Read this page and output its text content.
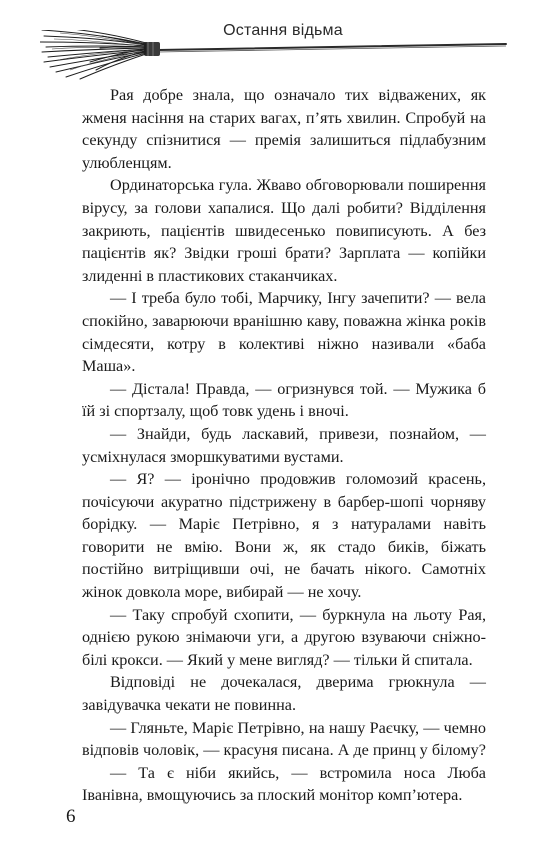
Остання відьма

Рая добре знала, що означало тих відважених, як жменя насіння на старих вагах, п’ять хвилин. Спробуй на секунду спізнитися — премія залишиться підлабузним улюбленцям.

Ординаторська гула. Жваво обговорювали поширення вірусу, за голови хапалися. Що далі робити? Відділення закриють, пацієнтів швидесенько повиписують. А без пацієнтів як? Звідки гроші брати? Зарплата — копійки злиденні в пластикових стаканчиках.

— І треба було тобі, Марчику, Інгу зачепити? — вела спокійно, заварюючи вранішню каву, поважна жінка років сімдесяти, котру в колективі ніжно називали «баба Маша».

— Дістала! Правда, — огризнувся той. — Мужика б їй зі спортзалу, щоб товк удень і вночі.

— Знайди, будь ласкавий, привези, познайом, — усміхнулася зморшкуватими вустами.

— Я? — іронічно продовжив голомозий красень, почісуючи акуратно підстрижену в барбер-шопі чорняву борідку. — Маріє Петрівно, я з натуралами навіть говорити не вмію. Вони ж, як стадо биків, біжать постійно витріщивши очі, не бачать нікого. Самотніх жінок довкола море, вибирай — не хочу.

— Таку спробуй схопити, — буркнула на льоту Рая, однією рукою знімаючи уги, а другою взуваючи сніжно-білі крокси. — Який у мене вигляд? — тільки й спитала.

Відповіді не дочекалася, дверима грюкнула — завідувачка чекати не повинна.

— Гляньте, Маріє Петрівно, на нашу Раєчку, — чемно відповів чоловік, — красуня писана. А де принц у білому?

— Та є ніби якийсь, — встромила носа Люба Іванівна, вмощуючись за плоский монітор комп’ютера.

6
